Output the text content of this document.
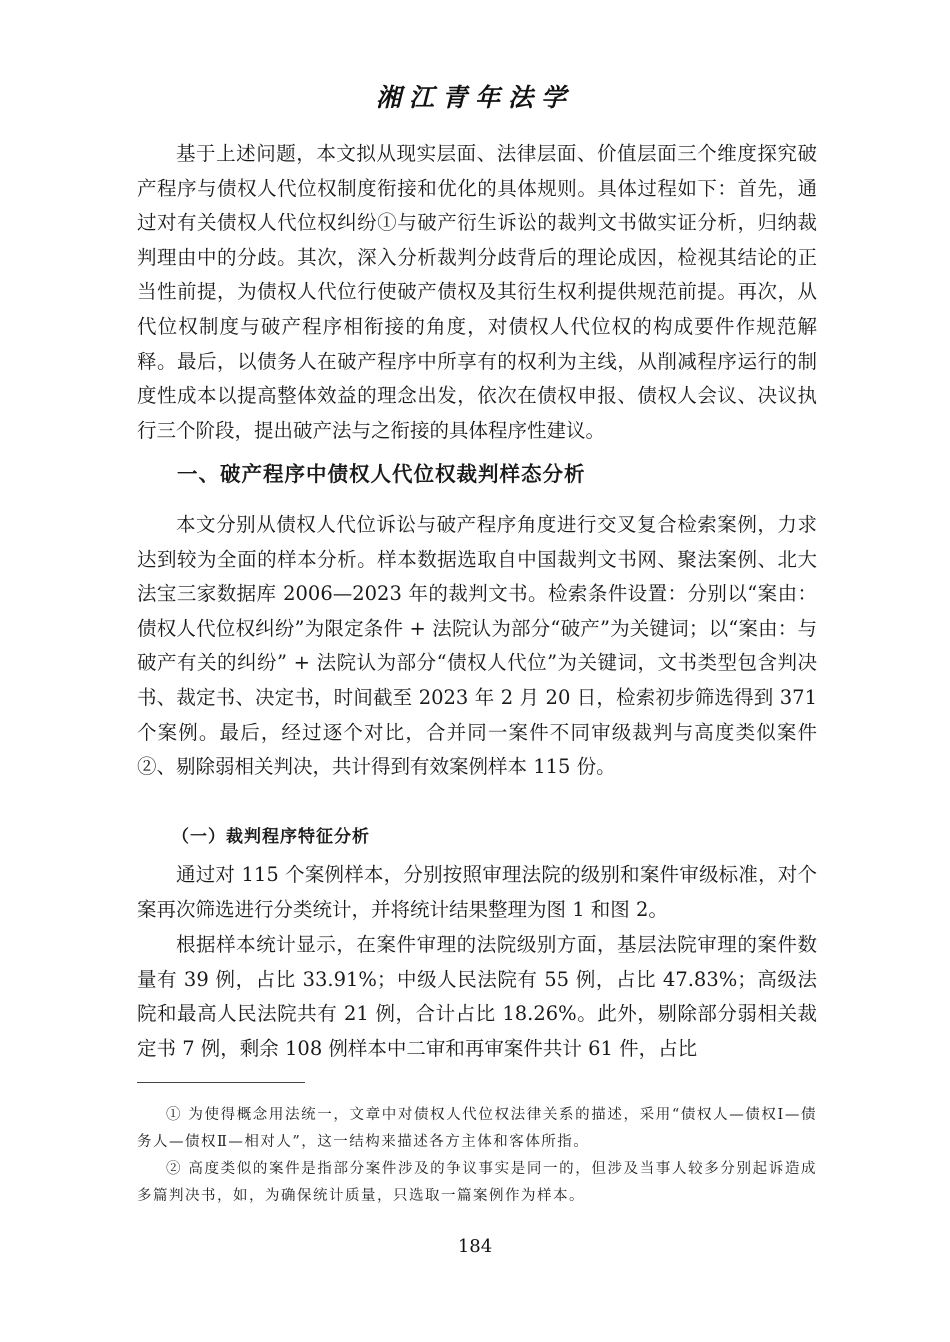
湘江青年法学

基于上述问题，本文拟从现实层面、法律层面、价值层面三个维度探究破产程序与债权人代位权制度衔接和优化的具体规则。具体过程如下：首先，通过对有关债权人代位权纠纷①与破产衍生诉讼的裁判文书做实证分析，归纳裁判理由中的分歧。其次，深入分析裁判分歧背后的理论成因，检视其结论的正当性前提，为债权人代位行使破产债权及其衍生权利提供规范前提。再次，从代位权制度与破产程序相衔接的角度，对债权人代位权的构成要件作规范解释。最后，以债务人在破产程序中所享有的权利为主线，从削减程序运行的制度性成本以提高整体效益的理念出发，依次在债权申报、债权人会议、决议执行三个阶段，提出破产法与之衔接的具体程序性建议。

一、破产程序中债权人代位权裁判样态分析

本文分别从债权人代位诉讼与破产程序角度进行交叉复合检索案例，力求达到较为全面的样本分析。样本数据选取自中国裁判文书网、聚法案例、北大法宝三家数据库 2006—2023 年的裁判文书。检索条件设置：分别以“案由：债权人代位权纠纷”为限定条件 + 法院认为部分“破产”为关键词；以“案由：与破产有关的纠纷” + 法院认为部分“债权人代位”为关键词，文书类型包含判决书、裁定书、决定书，时间截至 2023 年 2 月 20 日，检索初步筛选得到 371 个案例。最后，经过逐个对比，合并同一案件不同审级裁判与高度类似案件②、剔除弱相关判决，共计得到有效案例样本 115 份。

（一）裁判程序特征分析

通过对 115 个案例样本，分别按照审理法院的级别和案件审级标准，对个案再次筛选进行分类统计，并将统计结果整理为图 1 和图 2。

根据样本统计显示，在案件审理的法院级别方面，基层法院审理的案件数量有 39 例，占比 33.91%；中级人民法院有 55 例，占比 47.83%；高级法院和最高人民法院共有 21 例，合计占比 18.26%。此外，剔除部分弱相关裁定书 7 例，剩余 108 例样本中二审和再审案件共计 61 件，占比

① 为使得概念用法统一，文章中对债权人代位权法律关系的描述，采用“债权人—债权Ⅰ—债务人—债权Ⅱ—相对人”，这一结构来描述各方主体和客体所指。

② 高度类似的案件是指部分案件涉及的争议事实是同一的，但涉及当事人较多分别起诉造成多篇判决书，如，为确保统计质量，只选取一篇案例作为样本。

184
